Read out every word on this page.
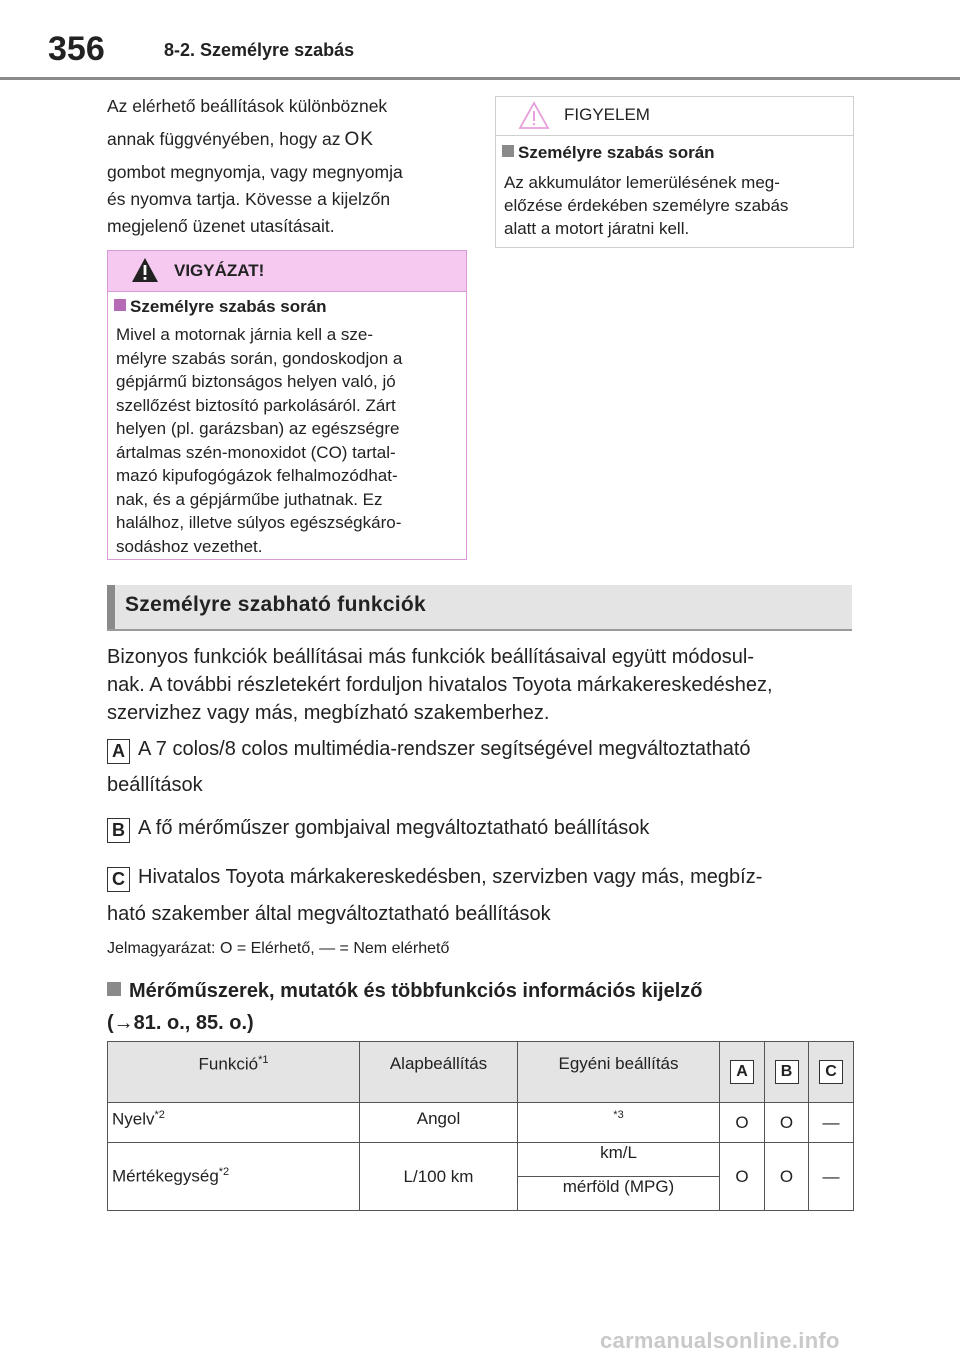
356	8-2. Személyre szabás
Az elérhető beállítások különböznek
annak függvényében, hogy az OK
gombot megnyomja, vagy megnyomja
és nyomva tartja. Kövesse a kijelzőn
megjelenő üzenet utasításait.
VIGYÁZAT!
Személyre szabás során
Mivel a motornak járnia kell a sze-
mélyre szabás során, gondoskodjon a
gépjármű biztonságos helyen való, jó
szellőzést biztosító parkolásáról. Zárt
helyen (pl. garázsban) az egészségre
ártalmas szén-monoxidot (CO) tartal-
mazó kipufogógázok felhalmozódhat-
nak, és a gépjárműbe juthatnak. Ez
halálhoz, illetve súlyos egészségkáro-
sodáshoz vezethet.
FIGYELEM
Személyre szabás során
Az akkumulátor lemerülésének meg-
előzése érdekében személyre szabás
alatt a motort járatni kell.
Személyre szabható funkciók
Bizonyos funkciók beállításai más funkciók beállításaival együtt módosul-
nak. A további részletekért forduljon hivatalos Toyota márkakereskedéshez,
szervizhez vagy más, megbízható szakemberhez.
A A 7 colos/8 colos multimédia-rendszer segítségével megváltoztatható
beállítások
B A fő mérőműszer gombjaival megváltoztatható beállítások
C Hivatalos Toyota márkakereskedésben, szervizben vagy más, megbíz-
ható szakember által megváltoztatható beállítások
Jelmagyarázat: O = Elérhető, — = Nem elérhető
Mérőműszerek, mutatók és többfunkciós információs kijelző
(→81. o., 85. o.)
Funkció$^{*1}$	Alapbeállítás	Egyéni beállítás	A	B	C
Nyelv$^{*2}$	Angol	$^{*3}$	O	O	—
Mértékegység$^{*2}$	L/100 km	km/L	O	O	—
		mérföld (MPG)			
carmanualsonline.info
